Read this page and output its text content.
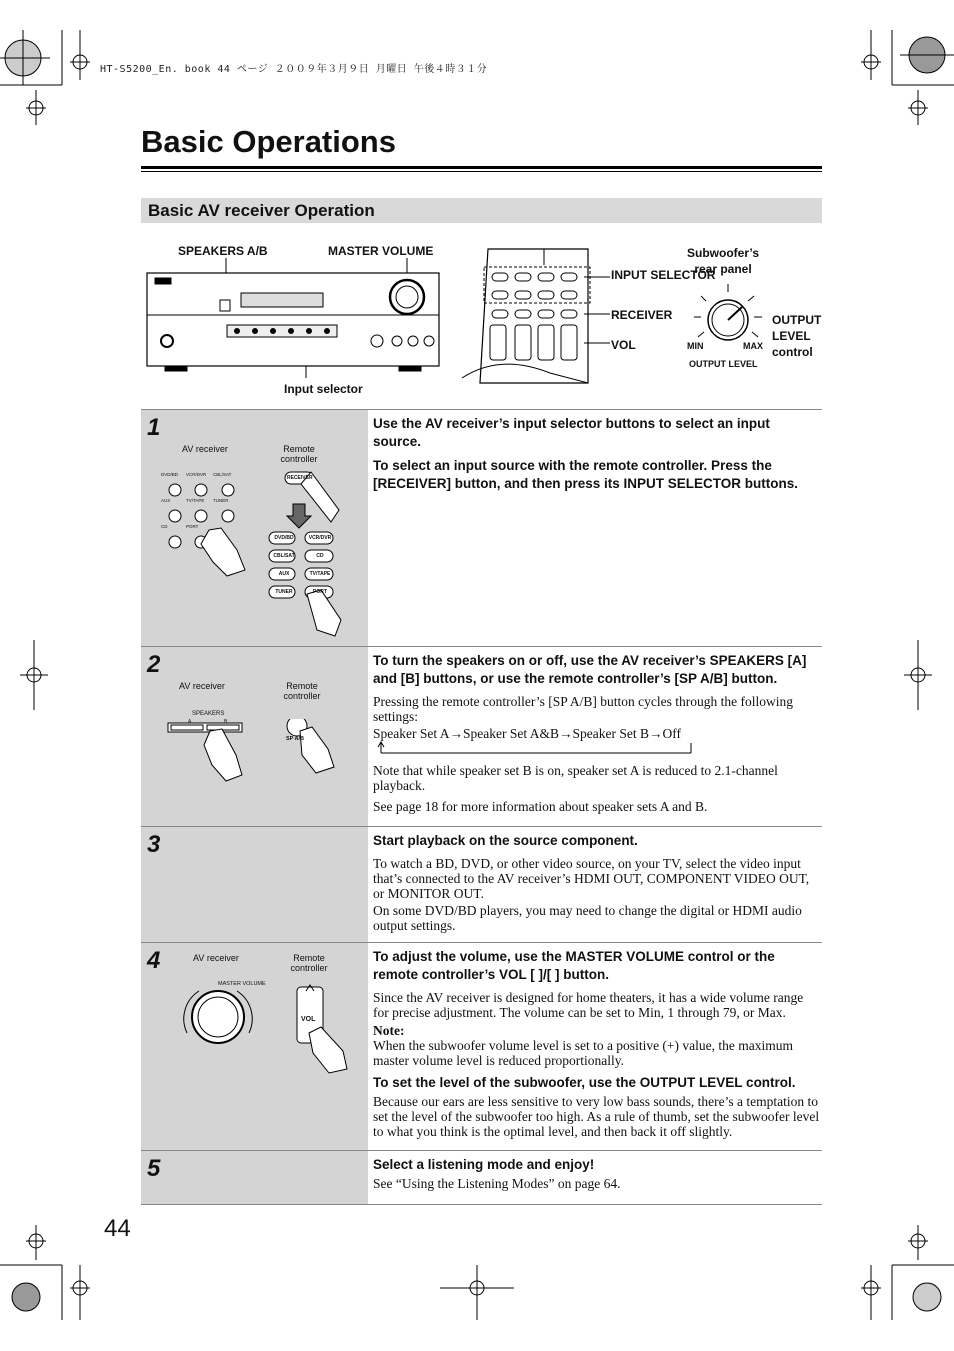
HT-S5200_En. book 44 ページ ２００９年３月９日 月曜日 午後４時３１分
Basic Operations
Basic AV receiver Operation
SPEAKERS A/B	MASTER VOLUME
Input selector
INPUT SELECTOR
RECEIVER
VOL
Subwoofer’s rear panel
OUTPUT LEVEL control
MIN	MAX
OUTPUT LEVEL
1
AV receiver	Remote controller
DVD/BD VCR/DVR CBL/SAT
AUX	TV/TAPE TUNER
CD	PORT
RECEIVER
DVD/BD	VCR/DVR
CBL/SAT	CD
AUX	TV/TAPE
TUNER	PORT

Use the AV receiver’s input selector buttons to select an input source.

To select an input source with the remote controller. Press the [RECEIVER] button, and then press its INPUT SELECTOR buttons.

2
AV receiver	Remote controller
SPEAKERS
SP A/B
A	B

To turn the speakers on or off, use the AV receiver’s SPEAKERS [A] and [B] buttons, or use the remote controller’s [SP A/B] button.

Pressing the remote controller’s [SP A/B] button cycles through the following settings:

Speaker Set A→Speaker Set A&B→Speaker Set B→Off

Note that while speaker set B is on, speaker set A is reduced to 2.1-channel playback.

See page 18 for more information about speaker sets A and B.

3	Start playback on the source component.

To watch a BD, DVD, or other video source, on your TV, select the video input that’s connected to the AV receiver’s HDMI OUT, COMPONENT VIDEO OUT, or MONITOR OUT.

On some DVD/BD players, you may need to change the digital or HDMI audio output settings.

4	AV receiver	Remote controller
MASTER VOLUME
VOL

To adjust the volume, use the MASTER VOLUME control or the remote controller’s VOL [ ]/[ ] button.

Since the AV receiver is designed for home theaters, it has a wide volume range for precise adjustment. The volume can be set to Min, 1 through 79, or Max.

Note:

When the subwoofer volume level is set to a positive (+) value, the maximum master volume level is reduced proportionally.

To set the level of the subwoofer, use the OUTPUT LEVEL control.

Because our ears are less sensitive to very low bass sounds, there’s a temptation to set the level of the subwoofer too high. As a rule of thumb, set the subwoofer level to what you think is the optimal level, and then back it off slightly.

5	Select a listening mode and enjoy!

See “Using the Listening Modes” on page 64.

44
